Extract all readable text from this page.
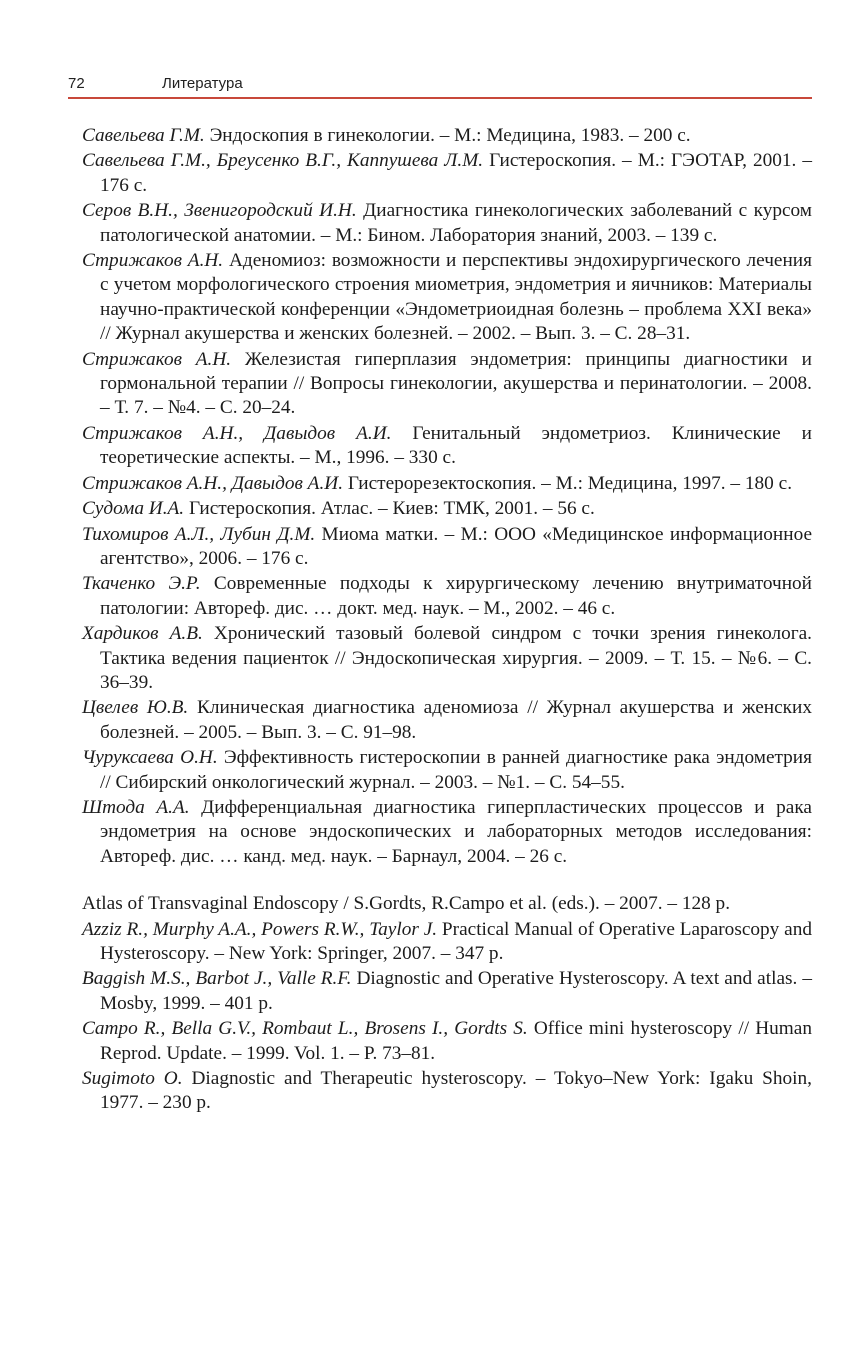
72	Литература

Савельева Г.М. Эндоскопия в гинекологии. – М.: Медицина, 1983. – 200 с.

Савельева Г.М., Бреусенко В.Г., Каппушева Л.М. Гистероскопия. – М.: ГЭОТАР, 2001. – 176 с.

Серов В.Н., Звенигородский И.Н. Диагностика гинекологических заболеваний с курсом патологической анатомии. – М.: Бином. Лаборатория знаний, 2003. – 139 с.

Стрижаков А.Н. Аденомиоз: возможности и перспективы эндохирургического лечения с учетом морфологического строения миометрия, эндометрия и яичников: Материалы научно-практической конференции «Эндометриоидная болезнь – проблема XXI века» // Журнал акушерства и женских болезней. – 2002. – Вып. 3. – С. 28–31.

Стрижаков А.Н. Железистая гиперплазия эндометрия: принципы диагностики и гормональной терапии // Вопросы гинекологии, акушерства и перинатологии. – 2008. – Т. 7. – №4. – С. 20–24.

Стрижаков А.Н., Давыдов А.И. Генитальный эндометриоз. Клинические и теоретические аспекты. – М., 1996. – 330 с.

Стрижаков А.Н., Давыдов А.И. Гистерорезектоскопия. – М.: Медицина, 1997. – 180 с.

Судома И.А. Гистероскопия. Атлас. – Киев: ТМК, 2001. – 56 с.

Тихомиров А.Л., Лубин Д.М. Миома матки. – М.: ООО «Медицинское информационное агентство», 2006. – 176 с.

Ткаченко Э.Р. Современные подходы к хирургическому лечению внутриматочной патологии: Автореф. дис. … докт. мед. наук. – М., 2002. – 46 с.

Хардиков А.В. Хронический тазовый болевой синдром с точки зрения гинеколога. Тактика ведения пациенток // Эндоскопическая хирургия. – 2009. – Т. 15. – №6. – С. 36–39.

Цвелев Ю.В. Клиническая диагностика аденомиоза // Журнал акушерства и женских болезней. – 2005. – Вып. 3. – С. 91–98.

Чуруксаева О.Н. Эффективность гистероскопии в ранней диагностике рака эндометрия // Сибирский онкологический журнал. – 2003. – №1. – С. 54–55.

Штода А.А. Дифференциальная диагностика гиперпластических процессов и рака эндометрия на основе эндоскопических и лабораторных методов исследования: Автореф. дис. … канд. мед. наук. – Барнаул, 2004. – 26 с.

Atlas of Transvaginal Endoscopy / S.Gordts, R.Campo et al. (eds.). – 2007. – 128 p.

Azziz R., Murphy A.A., Powers R.W., Taylor J. Practical Manual of Operative Laparoscopy and Hysteroscopy. – New York: Springer, 2007. – 347 p.

Baggish M.S., Barbot J., Valle R.F. Diagnostic and Operative Hysteroscopy. A text and atlas. – Mosby, 1999. – 401 p.

Campo R., Bella G.V., Rombaut L., Brosens I., Gordts S. Office mini hysteroscopy // Human Reprod. Update. – 1999. Vol. 1. – P. 73–81.

Sugimoto O. Diagnostic and Therapeutic hysteroscopy. – Tokyo–New York: Igaku Shoin, 1977. – 230 p.
